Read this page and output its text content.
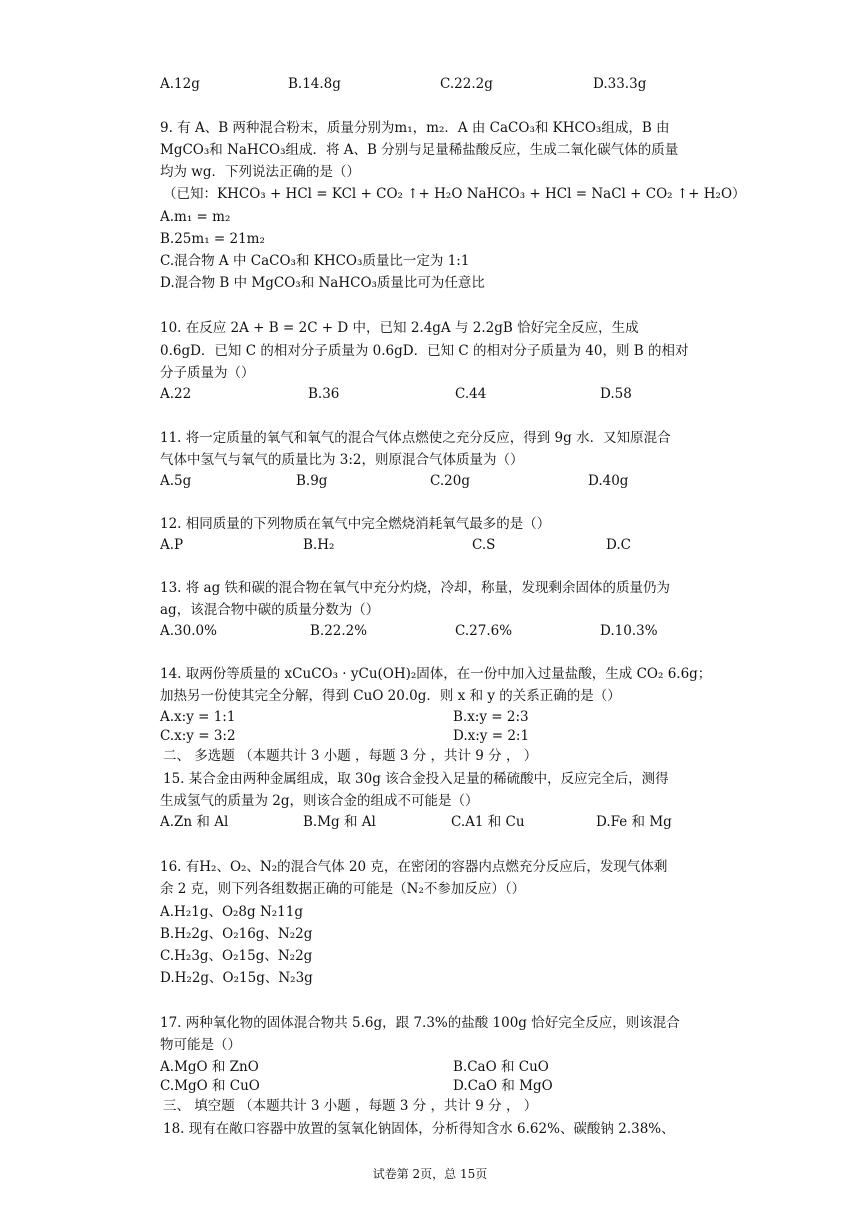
A.12g	B.14.8g	C.22.2g	D.33.3g
9. 有 A、B 两种混合粉末，质量分别为m₁，m₂．A 由 CaCO₃和 KHCO₃组成，B 由
MgCO₃和 NaHCO₃组成．将 A、B 分别与足量稀盐酸反应，生成二氧化碳气体的质量
均为 wg．下列说法正确的是（）
（已知：KHCO₃ + HCl = KCl + CO₂ ↑+ H₂O NaHCO₃ + HCl = NaCl + CO₂ ↑+ H₂O）
A.m₁ = m₂
B.25m₁ = 21m₂
C.混合物 A 中 CaCO₃和 KHCO₃质量比一定为 1:1
D.混合物 B 中 MgCO₃和 NaHCO₃质量比可为任意比
10. 在反应 2A + B = 2C + D 中，已知 2.4gA 与 2.2gB 恰好完全反应，生成
0.6gD．已知 C 的相对分子质量为 0.6gD．已知 C 的相对分子质量为 40，则 B 的相对
分子质量为（）
A.22	B.36	C.44	D.58
11. 将一定质量的氧气和氧气的混合气体点燃使之充分反应，得到 9g 水．又知原混合
气体中氢气与氧气的质量比为 3:2，则原混合气体质量为（）
A.5g	B.9g	C.20g	D.40g
12. 相同质量的下列物质在氧气中完全燃烧消耗氧气最多的是（）
A.P	B.H₂	C.S	D.C
13. 将 ag 铁和碳的混合物在氧气中充分灼烧，冷却，称量，发现剩余固体的质量仍为
ag，该混合物中碳的质量分数为（）
A.30.0%	B.22.2%	C.27.6%	D.10.3%
14. 取两份等质量的 xCuCO₃ · yCu(OH)₂固体，在一份中加入过量盐酸，生成 CO₂ 6.6g；
加热另一份使其完全分解，得到 CuO 20.0g．则 x 和 y 的关系正确的是（）
A.x:y = 1:1	B.x:y = 2:3
C.x:y = 3:2	D.x:y = 2:1
二、 多选题 （本题共计 3 小题 ，每题 3 分 ，共计 9 分 ， ）
15. 某合金由两种金属组成，取 30g 该合金投入足量的稀硫酸中，反应完全后，测得
生成氢气的质量为 2g，则该合金的组成不可能是（）
A.Zn 和 Al	B.Mg 和 Al	C.A1 和 Cu	D.Fe 和 Mg
16. 有H₂、O₂、N₂的混合气体 20 克，在密闭的容器内点燃充分反应后，发现气体剩
余 2 克，则下列各组数据正确的可能是（N₂不参加反应）（）
A.H₂1g、O₂8g N₂11g
B.H₂2g、O₂16g、N₂2g
C.H₂3g、O₂15g、N₂2g
D.H₂2g、O₂15g、N₂3g
17. 两种氧化物的固体混合物共 5.6g，跟 7.3%的盐酸 100g 恰好完全反应，则该混合
物可能是（）
A.MgO 和 ZnO	B.CaO 和 CuO
C.MgO 和 CuO	D.CaO 和 MgO
三、 填空题 （本题共计 3 小题 ，每题 3 分 ，共计 9 分 ， ）
18. 现有在敞口容器中放置的氢氧化钠固体，分析得知含水 6.62%、碳酸钠 2.38%、
试卷第 2页，总 15页
